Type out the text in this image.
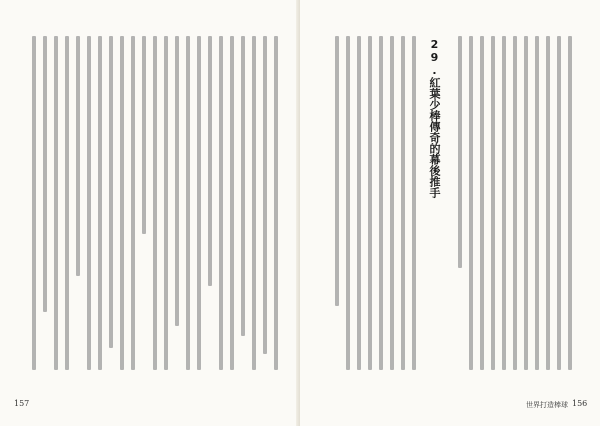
157
29.紅葉少棒傳奇的幕後推手
世界打造棒球 156
